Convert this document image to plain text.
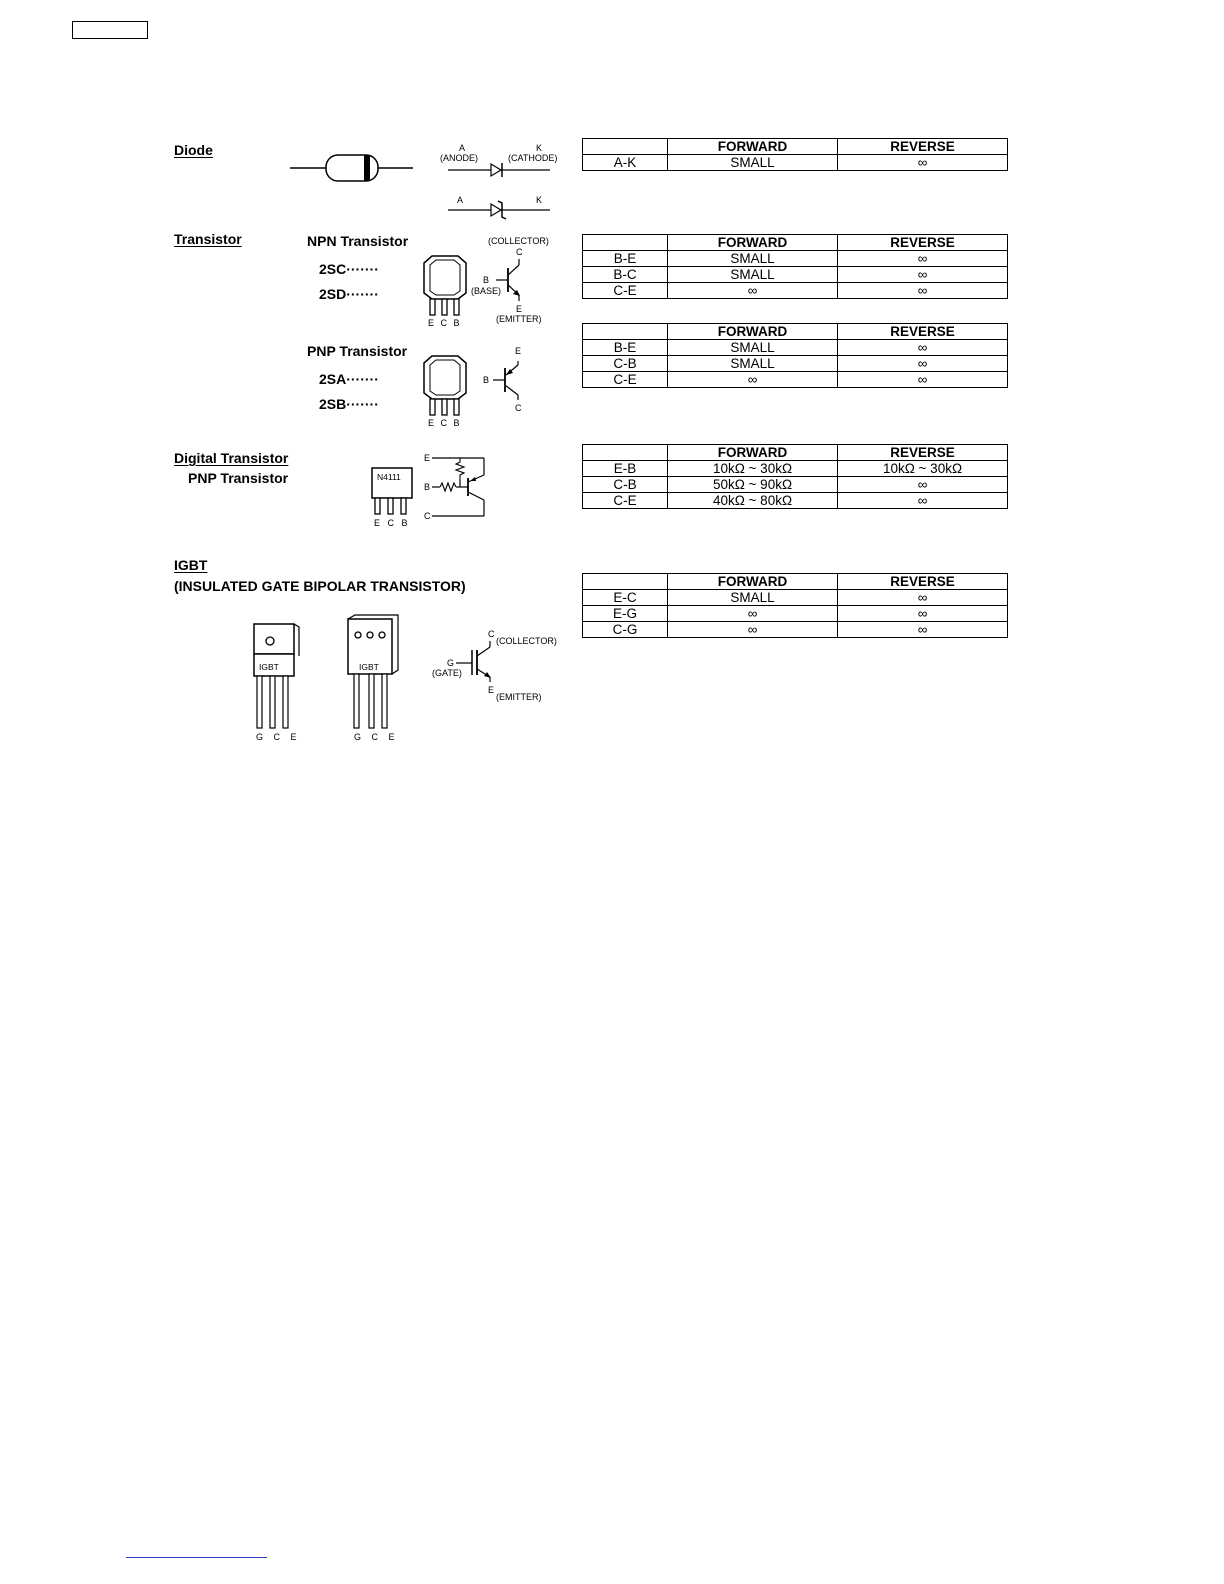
Diode	A
(ANODE)
K
(CATHODE)
A	K
	FORWARD	REVERSE
A-K	SMALL	∞
Transistor	NPN Transistor
2SC·······
2SD·······
E C B
(COLLECTOR)
C
B
(BASE)
E
(EMITTER)
	FORWARD	REVERSE
B-E	SMALL	∞
B-C	SMALL	∞
C-E	∞	∞
PNP Transistor
2SA·······
2SB·······
E C B
E
B
C
	FORWARD	REVERSE
B-E	SMALL	∞
C-B	SMALL	∞
C-E	∞	∞
Digital Transistor
PNP Transistor	N4111
E C B
E
B
C
	FORWARD	REVERSE
E-B	10kΩ ~ 30kΩ	10kΩ ~ 30kΩ
C-B	50kΩ ~ 90kΩ	∞
C-E	40kΩ ~ 80kΩ	∞
IGBT
(INSULATED GATE BIPOLAR TRANSISTOR)
IGBT
G C E
IGBT
G C E
C
(COLLECTOR)
G
(GATE)
E
(EMITTER)
	FORWARD	REVERSE
E-C	SMALL	∞
E-G	∞	∞
C-G	∞	∞
